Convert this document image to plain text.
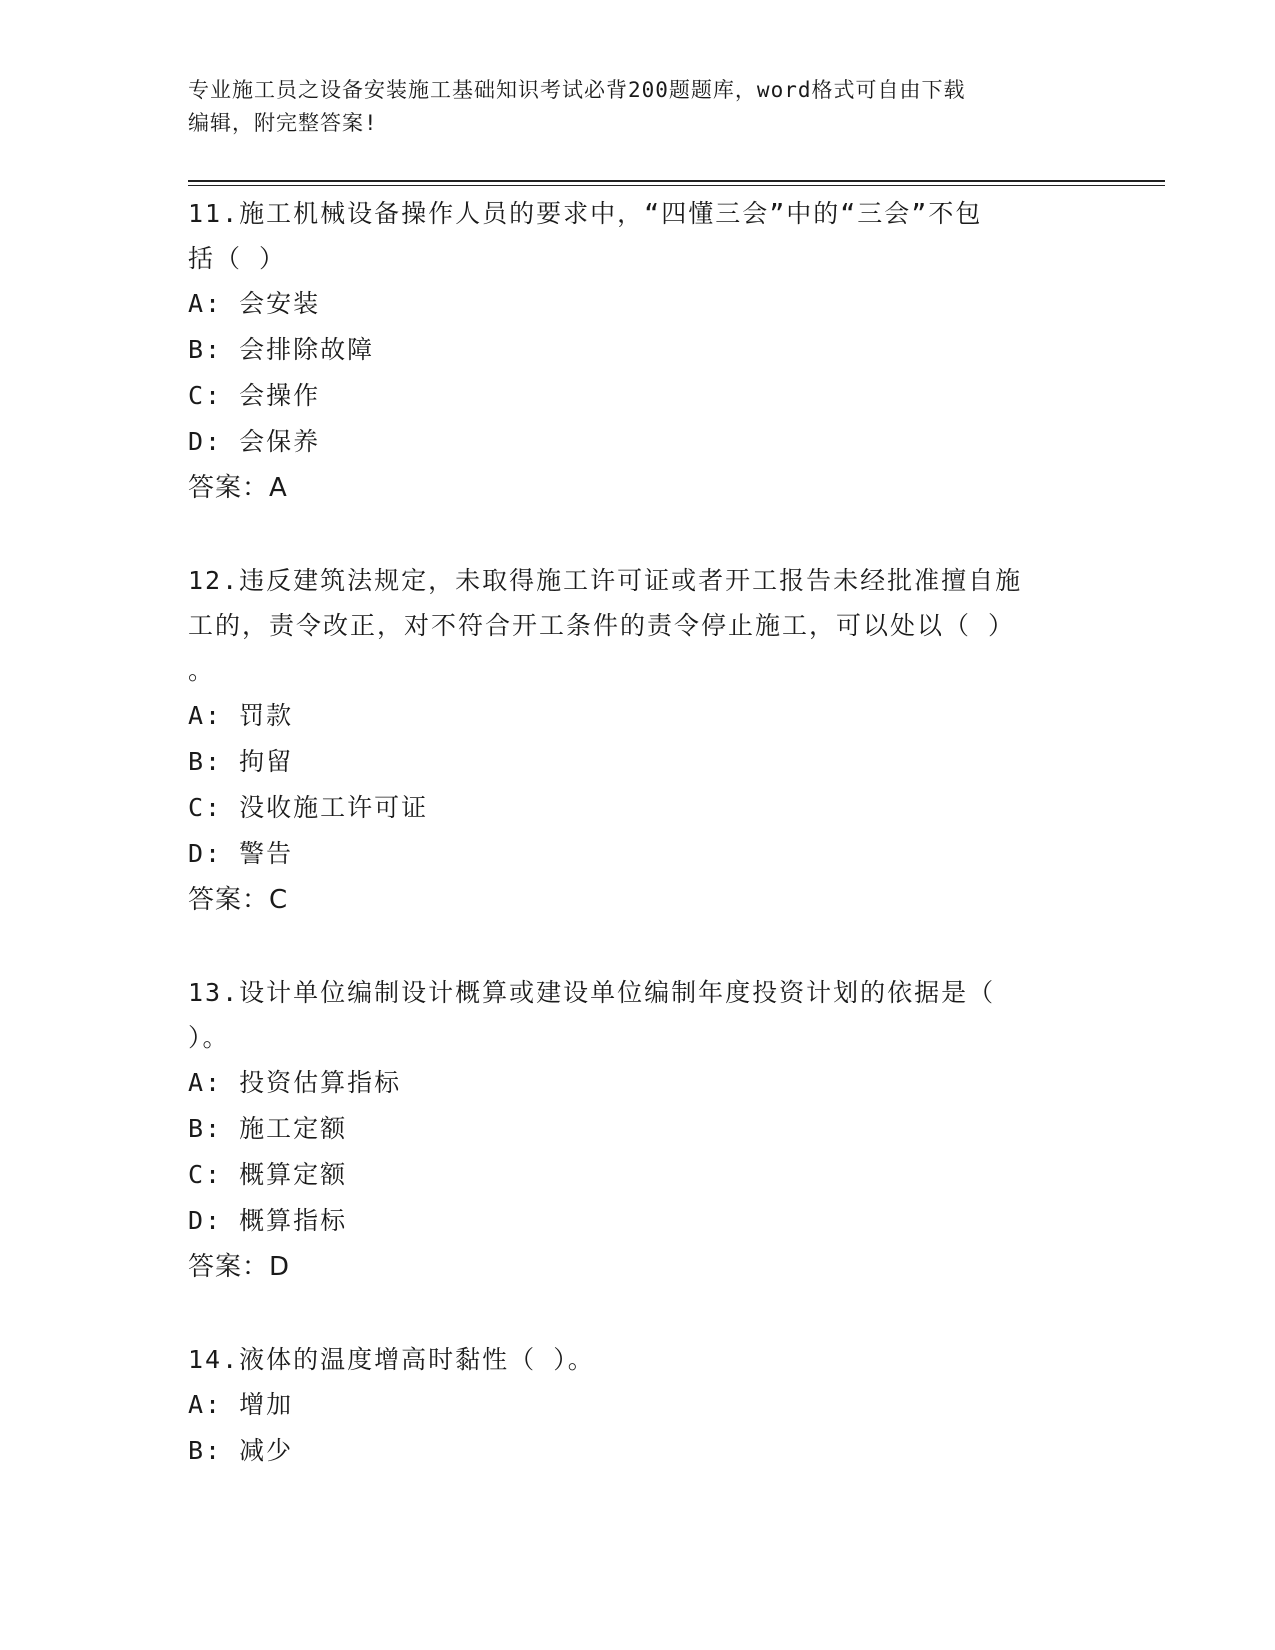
专业施工员之设备安装施工基础知识考试必背200题题库，word格式可自由下载
编辑，附完整答案!

11.施工机械设备操作人员的要求中，“四懂三会”中的“三会”不包

括（ ）

A: 会安装

B: 会排除故障

C: 会操作

D: 会保养

答案：A

12.违反建筑法规定，未取得施工许可证或者开工报告未经批准擅自施

工的，责令改正，对不符合开工条件的责令停止施工，可以处以（ ）

。

A: 罚款

B: 拘留

C: 没收施工许可证

D: 警告

答案：C

13.设计单位编制设计概算或建设单位编制年度投资计划的依据是（

）。

A: 投资估算指标

B: 施工定额

C: 概算定额

D: 概算指标

答案：D

14.液体的温度增高时黏性（ ）。

A: 增加

B: 减少
